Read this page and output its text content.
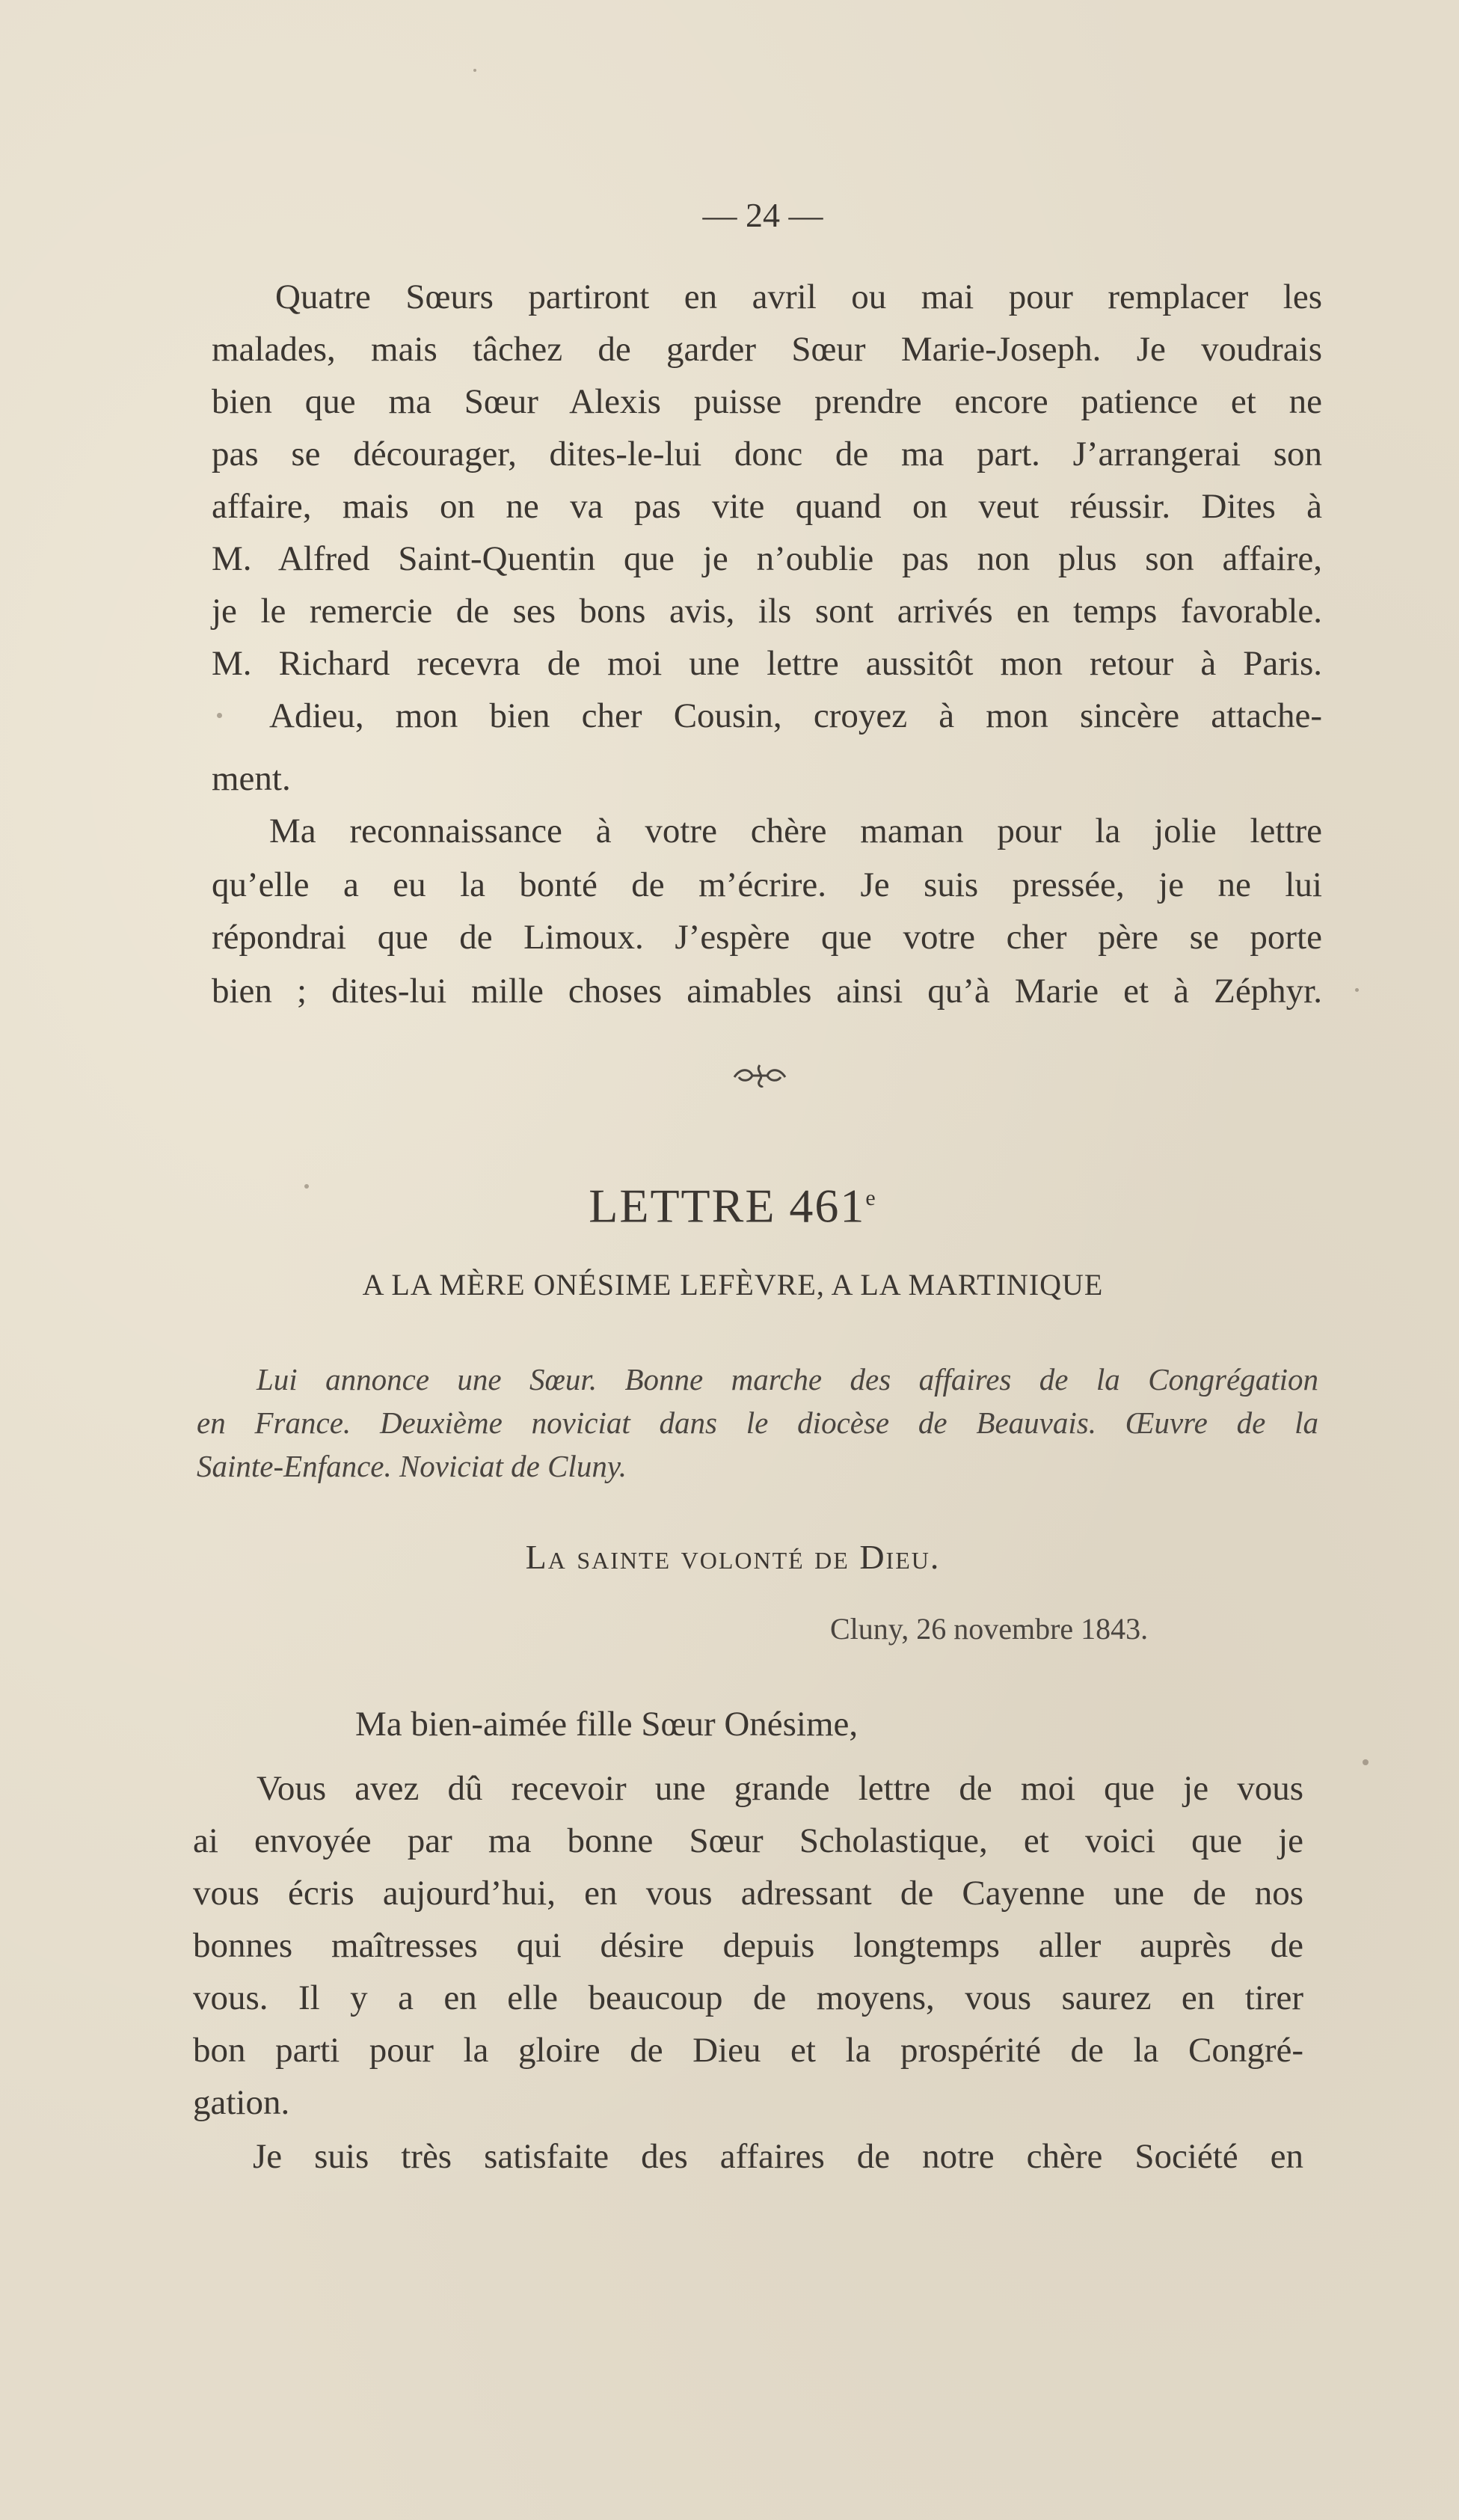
— 24 —
Quatre Sœurs partiront en avril ou mai pour remplacer les
malades, mais tâchez de garder Sœur Marie-Joseph. Je voudrais
bien que ma Sœur Alexis puisse prendre encore patience et ne
pas se décourager, dites-le-lui donc de ma part. J’arrangerai son
affaire, mais on ne va pas vite quand on veut réussir. Dites à
M. Alfred Saint-Quentin que je n’oublie pas non plus son affaire,
je le remercie de ses bons avis, ils sont arrivés en temps favorable.
M. Richard recevra de moi une lettre aussitôt mon retour à Paris.
Adieu, mon bien cher Cousin, croyez à mon sincère attache-
ment.
Ma reconnaissance à votre chère maman pour la jolie lettre
qu’elle a eu la bonté de m’écrire. Je suis pressée, je ne lui
répondrai que de Limoux. J’espère que votre cher père se porte
bien ; dites-lui mille choses aimables ainsi qu’à Marie et à Zéphyr.
LETTRE 461e
A LA MÈRE ONÉSIME LEFÈVRE, A LA MARTINIQUE
Lui annonce une Sœur. Bonne marche des affaires de la Congrégation
en France. Deuxième noviciat dans le diocèse de Beauvais. Œuvre de la
Sainte-Enfance. Noviciat de Cluny.
La sainte volonté de Dieu.
Cluny, 26 novembre 1843.
Ma bien-aimée fille Sœur Onésime,
Vous avez dû recevoir une grande lettre de moi que je vous
ai envoyée par ma bonne Sœur Scholastique, et voici que je
vous écris aujourd’hui, en vous adressant de Cayenne une de nos
bonnes maîtresses qui désire depuis longtemps aller auprès de
vous. Il y a en elle beaucoup de moyens, vous saurez en tirer
bon parti pour la gloire de Dieu et la prospérité de la Congré-
gation.
Je suis très satisfaite des affaires de notre chère Société en
